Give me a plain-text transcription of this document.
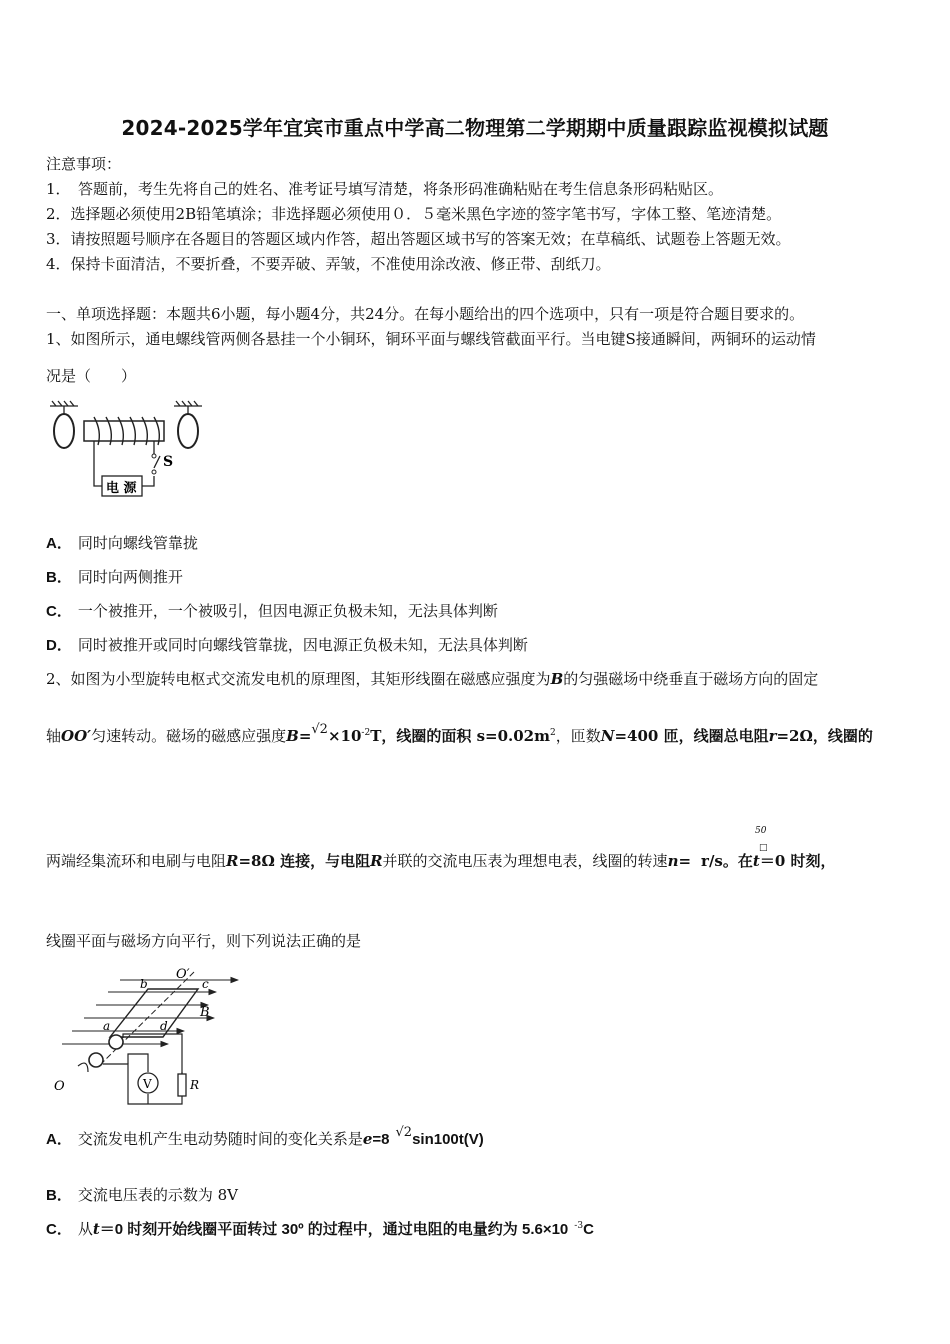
2024-2025学年宜宾市重点中学高二物理第二学期期中质量跟踪监视模拟试题
注意事项：
1．　答题前，考生先将自己的姓名、准考证号填写清楚，将条形码准确粘贴在考生信息条形码粘贴区。
2．选择题必须使用2B铅笔填涂；非选择题必须使用０．５毫米黑色字迹的签字笔书写，字体工整、笔迹清楚。
3．请按照题号顺序在各题目的答题区域内作答，超出答题区域书写的答案无效；在草稿纸、试题卷上答题无效。
4．保持卡面清洁，不要折叠，不要弄破、弄皱，不准使用涂改液、修正带、刮纸刀。
一、单项选择题：本题共6小题，每小题4分，共24分。在每小题给出的四个选项中，只有一项是符合题目要求的。
1、如图所示，通电螺线管两侧各悬挂一个小铜环，铜环平面与螺线管截面平行。当电键S接通瞬间，两铜环的运动情
况是（　　）
S
电 源
A． 同时向螺线管靠拢
B． 同时向两侧推开
C． 一个被推开，一个被吸引，但因电源正负极未知，无法具体判断
D． 同时被推开或同时向螺线管靠拢，因电源正负极未知，无法具体判断
2、如图为小型旋转电枢式交流发电机的原理图，其矩形线圈在磁感应强度为B的匀强磁场中绕垂直于磁场方向的固定
轴OO′匀速转动。磁场的磁感应强度$B=√2\times 10^{-2}T$，线圈的面积 $s=0.02m^2$，匝数N=400 匝，线圈总电阻r=2Ω，线圈的
50
□
两端经集流环和电刷与电阻R=8Ω 连接，与电阻R并联的交流电压表为理想电表，线圈的转速n= r/s。在t＝0 时刻，
线圈平面与磁场方向平行，则下列说法正确的是
O′
B
a
b	c
d
V	R
O
A． 交流发电机产生电动势随时间的变化关系是e=8 √2sin100t(V)
B． 交流电压表的示数为 8V
C． 从t＝0 时刻开始线圈平面转过 30º 的过程中，通过电阻的电量约为 5.6×10 $^{-3}$C
